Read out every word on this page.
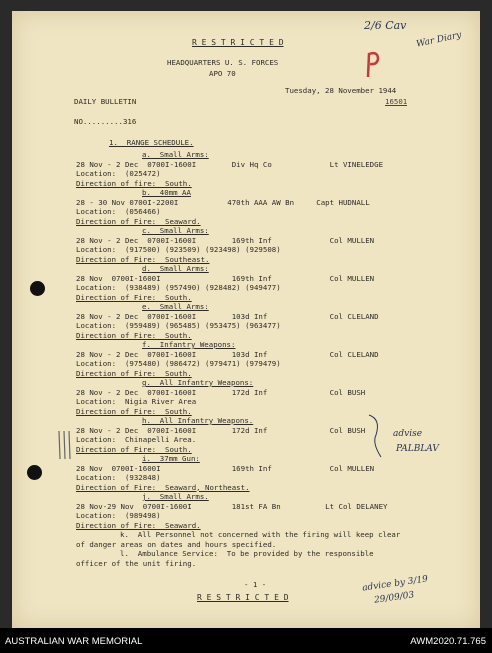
R E S T R I C T E D
HEADQUARTERS U. S. FORCES
APO 70
Tuesday, 28 November 1944
16501
DAILY BULLETIN
NO.........316
1.  RANGE SCHEDULE.
- 1 -
R E S T R I C T E D
2/6 Cav
War Diary
advise
PALBLAV
advice by 3/19
29/09/03
a.  Small Arms:
28 Nov - 2 Dec  0700I-1600I        Div Hq Co             Lt VINELEDGE
Location:  (025472)
Direction of fire:  South.
b.  40mm AA
28 - 30 Nov 0700I-2200I           470th AAA AW Bn     Capt HUDNALL
Location:  (056466)
Direction of Fire:  Seaward.
c.  Small Arms:
28 Nov - 2 Dec  0700I-1600I        169th Inf             Col MULLEN
Location:  (917500) (923509) (923498) (929508)
Direction of Fire:  Southeast.
d.  Small Arms:
28 Nov  0700I-1600I                169th Inf             Col MULLEN
Location:  (938489) (957490) (928482) (949477)
Direction of Fire:  South.
e.  Small Arms:
28 Nov - 2 Dec  0700I-1600I        103d Inf              Col CLELAND
Location:  (959489) (965485) (953475) (963477)
Direction of Fire:  South.
f.  Infantry Weapons:
28 Nov - 2 Dec  0700I-1600I        103d Inf              Col CLELAND
Location:  (975480) (986472) (979471) (979479)
Direction of Fire:  South.
g.  All Infantry Weapons:
28 Nov - 2 Dec  0700I-1600I        172d Inf              Col BUSH
Location:  Nigia River Area
Direction of Fire:  South.
h.  All Infantry Weapons.
28 Nov - 2 Dec  0700I-1600I        172d Inf              Col BUSH
Location:  Chinapelli Area.
Direction of Fire:  South.
i.  37mm Gun:
28 Nov  0700I-1600I                169th Inf             Col MULLEN
Location:  (932848)
Direction of Fire:  Seaward, Northeast.
j.  Small Arms.
28 Nov-29 Nov  0700I-1600I         181st FA Bn          Lt Col DELANEY
Location:  (989498)
Direction of Fire:  Seaward.
k.  All Personnel not concerned with the firing will keep clear
of danger areas on dates and hours specified.
l.  Ambulance Service:  To be provided by the responsible
officer of the unit firing.
AUSTRALIAN WAR MEMORIAL	AWM2020.71.765
